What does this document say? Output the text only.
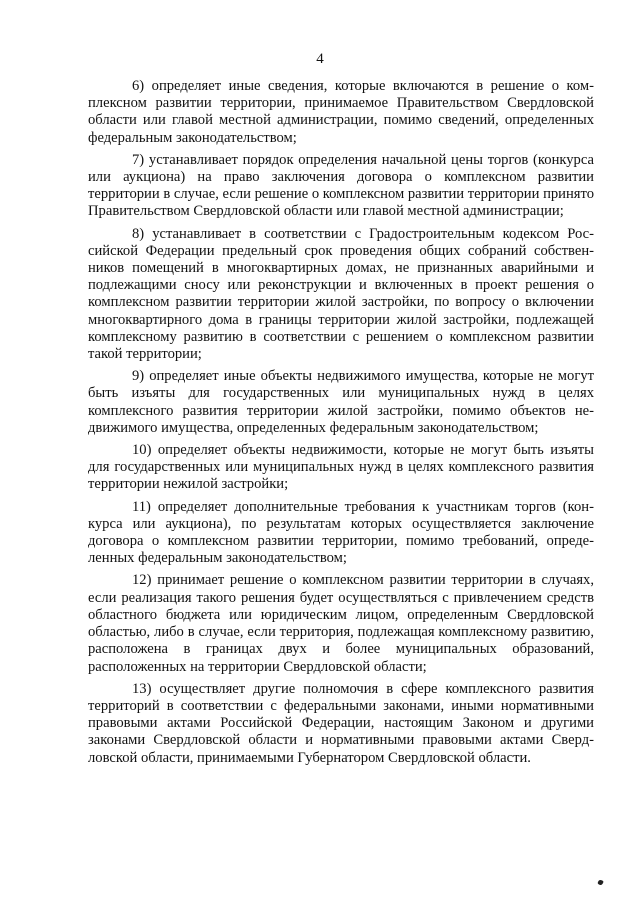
4

6) определяет иные сведения, которые включаются в решение о комплексном развитии территории, принимаемое Правительством Свердловской области или главой местной администрации, помимо сведений, определенных федеральным законодательством;

7) устанавливает порядок определения начальной цены торгов (конкурса или аукциона) на право заключения договора о комплексном развитии территории в случае, если решение о комплексном развитии территории принято Правительством Свердловской области или главой местной администрации;

8) устанавливает в соответствии с Градостроительным кодексом Российской Федерации предельный срок проведения общих собраний собственников помещений в многоквартирных домах, не признанных аварийными и подлежащими сносу или реконструкции и включенных в проект решения о комплексном развитии территории жилой застройки, по вопросу о включении многоквартирного дома в границы территории жилой застройки, подлежащей комплексному развитию в соответствии с решением о комплексном развитии такой территории;

9) определяет иные объекты недвижимого имущества, которые не могут быть изъяты для государственных или муниципальных нужд в целях комплексного развития территории жилой застройки, помимо объектов недвижимого имущества, определенных федеральным законодательством;

10) определяет объекты недвижимости, которые не могут быть изъяты для государственных или муниципальных нужд в целях комплексного развития территории нежилой застройки;

11) определяет дополнительные требования к участникам торгов (конкурса или аукциона), по результатам которых осуществляется заключение договора о комплексном развитии территории, помимо требований, определенных федеральным законодательством;

12) принимает решение о комплексном развитии территории в случаях, если реализация такого решения будет осуществляться с привлечением средств областного бюджета или юридическим лицом, определенным Свердловской областью, либо в случае, если территория, подлежащая комплексному развитию, расположена в границах двух и более муниципальных образований, расположенных на территории Свердловской области;

13) осуществляет другие полномочия в сфере комплексного развития территорий в соответствии с федеральными законами, иными нормативными правовыми актами Российской Федерации, настоящим Законом и другими законами Свердловской области и нормативными правовыми актами Свердловской области, принимаемыми Губернатором Свердловской области.
